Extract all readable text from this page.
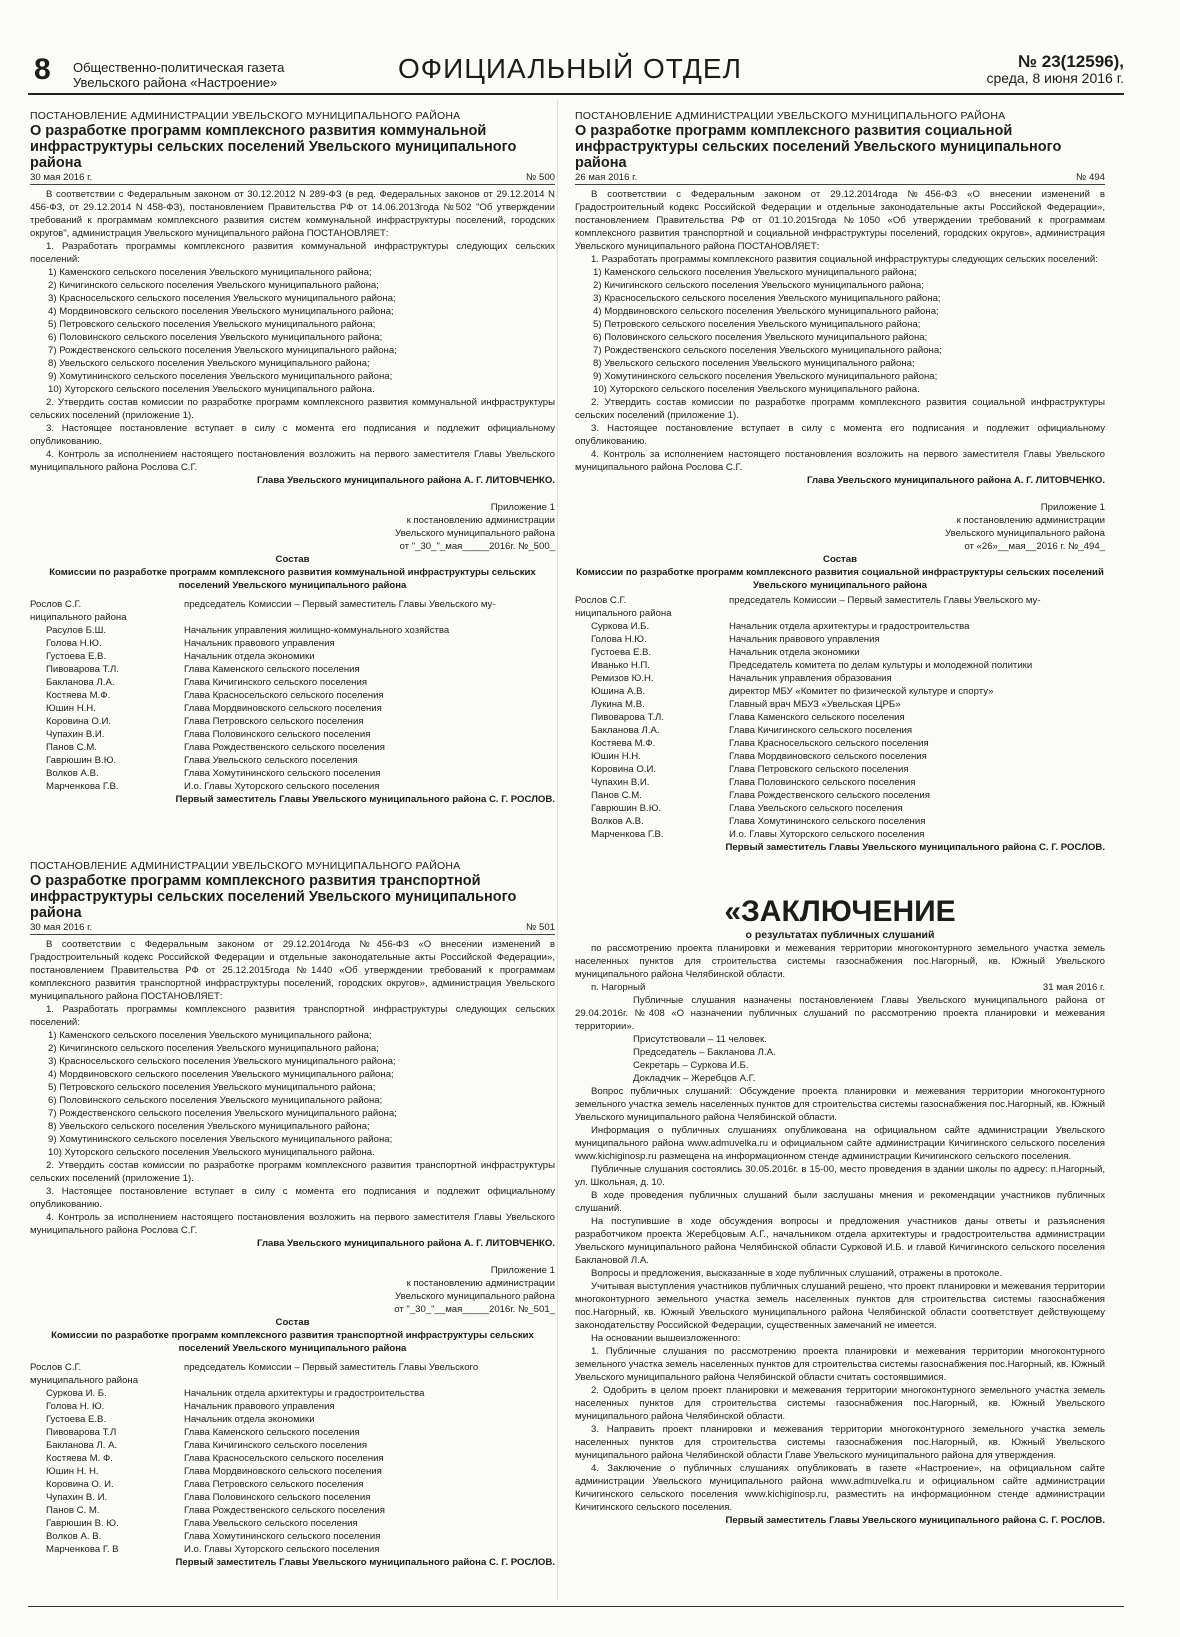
8 Общественно-политическая газета
Увельского района «Настроение»	ОФИЦИАЛЬНЫЙ ОТДЕЛ	№ 23(12596),
среда, 8 июня 2016 г.

ПОСТАНОВЛЕНИЕ АДМИНИСТРАЦИИ УВЕЛЬСКОГО МУНИЦИПАЛЬНОГО РАЙОНА

О разработке программ комплексного развития коммунальной инфраструктуры сельских поселений Увельского муниципального района

30 мая 2016 г.	№ 500

В соответствии с Федеральным законом от 30.12.2012 N 289-ФЗ (в ред. Федеральных законов от 29.12.2014 N 456-ФЗ, от 29.12.2014 N 458-ФЗ), постановлением Правительства РФ от 14.06.2013года №502 "Об утверждении требований к программам комплексного развития систем коммунальной инфраструктуры поселений, городских округов", администрация Увельского муниципального района ПОСТАНОВЛЯЕТ:

1. Разработать программы комплексного развития коммунальной инфраструктуры следующих сельских поселений:

1) Каменского сельского поселения Увельского муниципального района;

2) Кичигинского сельского поселения Увельского муниципального района;

3) Красносельского сельского поселения Увельского муниципального района;

4) Мордвиновского сельского поселения Увельского муниципального района;

5) Петровского сельского поселения Увельского муниципального района;

6) Половинского сельского поселения Увельского муниципального района;

7) Рождественского сельского поселения Увельского муниципального района;

8) Увельского сельского поселения Увельского муниципального района;

9) Хомутининского сельского поселения Увельского муниципального района;

10) Хуторского сельского поселения Увельского муниципального района.

2. Утвердить состав комиссии по разработке программ комплексного развития коммунальной инфраструктуры сельских поселений (приложение 1).

3. Настоящее постановление вступает в силу с момента его подписания и подлежит официальному опубликованию.

4. Контроль за исполнением настоящего постановления возложить на первого заместителя Главы Увельского муниципального района Рослова С.Г.

Глава Увельского муниципального района А. Г. ЛИТОВЧЕНКО.

Приложение 1
к постановлению администрации
Увельского муниципального района
от "_30_"_мая_____2016г. №_500_

Состав

Комиссии по разработке программ комплексного развития коммунальной инфраструктуры сельских поселений Увельского муниципального района

Рослов С.Г.	председатель Комиссии – Первый заместитель Главы Увельского му-
ниципального района
Расулов Б.Ш.	Начальник управления жилищно-коммунального хозяйства
Голова Н.Ю.	Начальник правового управления
Густоева Е.В.	Начальник отдела экономики
Пивоварова Т.Л.	Глава Каменского сельского поселения
Бакланова Л.А.	Глава Кичигинского сельского поселения
Костяева М.Ф.	Глава Красносельского сельского поселения
Юшин Н.Н.	Глава Мордвиновского сельского поселения
Коровина О.И.	Глава Петровского сельского поселения
Чупахин В.И.	Глава Половинского сельского поселения
Панов С.М.	Глава Рождественского сельского поселения
Гаврюшин В.Ю.	Глава Увельского сельского поселения
Волков А.В.	Глава Хомутининского сельского поселения
Марченкова Г.В.	И.о. Главы Хуторского сельского поселения

Первый заместитель Главы Увельского муниципального района С. Г. РОСЛОВ.

ПОСТАНОВЛЕНИЕ АДМИНИСТРАЦИИ УВЕЛЬСКОГО МУНИЦИПАЛЬНОГО РАЙОНА

О разработке программ комплексного развития социальной инфраструктуры сельских поселений Увельского муниципального района

26 мая 2016 г.	№ 494

В соответствии с Федеральным законом от 29.12.2014года №456-ФЗ «О внесении изменений в Градостроительный кодекс Российской Федерации и отдельные законодательные акты Российской Федерации», постановлением Правительства РФ от 01.10.2015года №1050 «Об утверждении требований к программам комплексного развития транспортной и социальной инфраструктуры поселений, городских округов», администрация Увельского муниципального района ПОСТАНОВЛЯЕТ:

1. Разработать программы комплексного развития социальной инфраструктуры следующих сельских поселений:

1) Каменского сельского поселения Увельского муниципального района;

2) Кичигинского сельского поселения Увельского муниципального района;

3) Красносельского сельского поселения Увельского муниципального района;

4) Мордвиновского сельского поселения Увельского муниципального района;

5) Петровского сельского поселения Увельского муниципального района;

6) Половинского сельского поселения Увельского муниципального района;

7) Рождественского сельского поселения Увельского муниципального района;

8) Увельского сельского поселения Увельского муниципального района;

9) Хомутининского сельского поселения Увельского муниципального района;

10) Хуторского сельского поселения Увельского муниципального района.

2. Утвердить состав комиссии по разработке программ комплексного развития социальной инфраструктуры сельских поселений (приложение 1).

3. Настоящее постановление вступает в силу с момента его подписания и подлежит официальному опубликованию.

4. Контроль за исполнением настоящего постановления возложить на первого заместителя Главы Увельского муниципального района Рослова С.Г.

Глава Увельского муниципального района А. Г. ЛИТОВЧЕНКО.

Приложение 1
к постановлению администрации
Увельского муниципального района
от «26»__мая__2016 г. №_494_

Состав

Комиссии по разработке программ комплексного развития социальной инфраструктуры сельских поселений Увельского муниципального района

Рослов С.Г.	председатель Комиссии – Первый заместитель Главы Увельского му-
ниципального района
Суркова И.Б.	Начальник отдела архитектуры и градостроительства
Голова Н.Ю.	Начальник правового управления
Густоева Е.В.	Начальник отдела экономики
Иванько Н.П.	Председатель комитета по делам культуры и молодежной политики
Ремизов Ю.Н.	Начальник управления образования
Юшина А.В.	директор МБУ «Комитет по физической культуре и спорту»
Лукина М.В.	Главный врач МБУЗ «Увельская ЦРБ»
Пивоварова Т.Л.	Глава Каменского сельского поселения
Бакланова Л.А.	Глава Кичигинского сельского поселения
Костяева М.Ф.	Глава Красносельского сельского поселения
Юшин Н.Н.	Глава Мордвиновского сельского поселения
Коровина О.И.	Глава Петровского сельского поселения
Чупахин В.И.	Глава Половинского сельского поселения
Панов С.М.	Глава Рождественского сельского поселения
Гаврюшин В.Ю.	Глава Увельского сельского поселения
Волков А.В.	Глава Хомутининского сельского поселения
Марченкова Г.В.	И.о. Главы Хуторского сельского поселения

Первый заместитель Главы Увельского муниципального района С. Г. РОСЛОВ.

ПОСТАНОВЛЕНИЕ АДМИНИСТРАЦИИ УВЕЛЬСКОГО МУНИЦИПАЛЬНОГО РАЙОНА

О разработке программ комплексного развития транспортной инфраструктуры сельских поселений Увельского муниципального района

30 мая 2016 г.	№ 501

В соответствии с Федеральным законом от 29.12.2014года №456-ФЗ «О внесении изменений в Градостроительный кодекс Российской Федерации и отдельные законодательные акты Российской Федерации», постановлением Правительства РФ от 25.12.2015года №1440 «Об утверждении требований к программам комплексного развития транспортной инфраструктуры поселений, городских округов», администрация Увельского муниципального района ПОСТАНОВЛЯЕТ:

1. Разработать программы комплексного развития транспортной инфраструктуры следующих сельских поселений:

1) Каменского сельского поселения Увельского муниципального района;

2) Кичигинского сельского поселения Увельского муниципального района;

3) Красносельского сельского поселения Увельского муниципального района;

4) Мордвиновского сельского поселения Увельского муниципального района;

5) Петровского сельского поселения Увельского муниципального района;

6) Половинского сельского поселения Увельского муниципального района;

7) Рождественского сельского поселения Увельского муниципального района;

8) Увельского сельского поселения Увельского муниципального района;

9) Хомутининского сельского поселения Увельского муниципального района;

10) Хуторского сельского поселения Увельского муниципального района.

2. Утвердить состав комиссии по разработке программ комплексного развития транспортной инфраструктуры сельских поселений (приложение 1).

3. Настоящее постановление вступает в силу с момента его подписания и подлежит официальному опубликованию.

4. Контроль за исполнением настоящего постановления возложить на первого заместителя Главы Увельского муниципального района Рослова С.Г.

Глава Увельского муниципального района А. Г. ЛИТОВЧЕНКО.

Приложение 1
к постановлению администрации
Увельского муниципального района
от "_30_"__мая_____2016г. №_501_

Состав

Комиссии по разработке программ комплексного развития транспортной инфраструктуры сельских поселений Увельского муниципального района

Рослов С.Г.	председатель Комиссии – Первый заместитель Главы Увельского
муниципального района
Суркова И. Б.	Начальник отдела архитектуры и градостроительства
Голова Н. Ю.	Начальник правового управления
Густоева Е.В.	Начальник отдела экономики
Пивоварова Т.Л	Глава Каменского сельского поселения
Бакланова Л. А.	Глава Кичигинского сельского поселения
Костяева М. Ф.	Глава Красносельского сельского поселения
Юшин Н. Н.	Глава Мордвиновского сельского поселения
Коровина О. И.	Глава Петровского сельского поселения
Чупахин В. И.	Глава Половинского сельского поселения
Панов С. М.	Глава Рождественского сельского поселения
Гаврюшин В. Ю.	Глава Увельского сельского поселения
Волков А. В.	Глава Хомутининского сельского поселения
Марченкова Г. В	И.о. Главы Хуторского сельского поселения

Первый заместитель Главы Увельского муниципального района С. Г. РОСЛОВ.

«ЗАКЛЮЧЕНИЕ

о результатах публичных слушаний

по рассмотрению проекта планировки и межевания территории многоконтурного земельного участка земель населенных пунктов для строительства системы газоснабжения пос.Нагорный, кв. Южный Увельского муниципального района Челябинской области.

п. Нагорный	31 мая 2016 г.

Публичные слушания назначены постановлением Главы Увельского муниципального района от 29.04.2016г. №408 «О назначении публичных слушаний по рассмотрению проекта планировки и межевания территории».

Присутствовали – 11 человек.

Председатель – Бакланова Л.А.

Секретарь – Суркова И.Б.

Докладчик – Жеребцов А.Г.

Вопрос публичных слушаний: Обсуждение проекта планировки и межевания территории многоконтурного земельного участка земель населенных пунктов для строительства системы газоснабжения пос.Нагорный, кв. Южный Увельского муниципального района Челябинской области.

Информация о публичных слушаниях опубликована на официальном сайте администрации Увельского муниципального района www.admuvelka.ru и официальном сайте администрации Кичигинского сельского поселения www.kichiginosp.ru размещена на информационном стенде администрации Кичигинского сельского поселения.

Публичные слушания состоялись 30.05.2016г. в 15-00, место проведения в здании школы по адресу: п.Нагорный, ул. Школьная, д. 10.

В ходе проведения публичных слушаний были заслушаны мнения и рекомендации участников публичных слушаний.

На поступившие в ходе обсуждения вопросы и предложения участников даны ответы и разъяснения разработчиком проекта Жеребцовым А.Г., начальником отдела архитектуры и градостроительства администрации Увельского муниципального района Челябинской области Сурковой И.Б. и главой Кичигинского сельского поселения Баклановой Л.А.

Вопросы и предложения, высказанные в ходе публичных слушаний, отражены в протоколе.

Учитывая выступления участников публичных слушаний решено, что проект планировки и межевания территории многоконтурного земельного участка земель населенных пунктов для строительства системы газоснабжения пос.Нагорный, кв. Южный Увельского муниципального района Челябинской области соответствует действующему законодательству Российской Федерации, существенных замечаний не имеется.

На основании вышеизложенного:

1. Публичные слушания по рассмотрению проекта планировки и межевания территории многоконтурного земельного участка земель населенных пунктов для строительства системы газоснабжения пос.Нагорный, кв. Южный Увельского муниципального района Челябинской области считать состоявшимися.

2. Одобрить в целом проект планировки и межевания территории многоконтурного земельного участка земель населенных пунктов для строительства системы газоснабжения пос.Нагорный, кв. Южный Увельского муниципального района Челябинской области.

3. Направить проект планировки и межевания территории многоконтурного земельного участка земель населенных пунктов для строительства системы газоснабжения пос.Нагорный, кв. Южный Увельского муниципального района Челябинской области Главе Увельского муниципального района для утверждения.

4. Заключение о публичных слушаниях опубликовать в газете «Настроение», на официальном сайте администрации Увельского муниципального района www.admuvelka.ru и официальном сайте администрации Кичигинского сельского поселения www.kichiginosp.ru, разместить на информационном стенде администрации Кичигинского сельского поселения.

Первый заместитель Главы Увельского муниципального района С. Г. РОСЛОВ.
